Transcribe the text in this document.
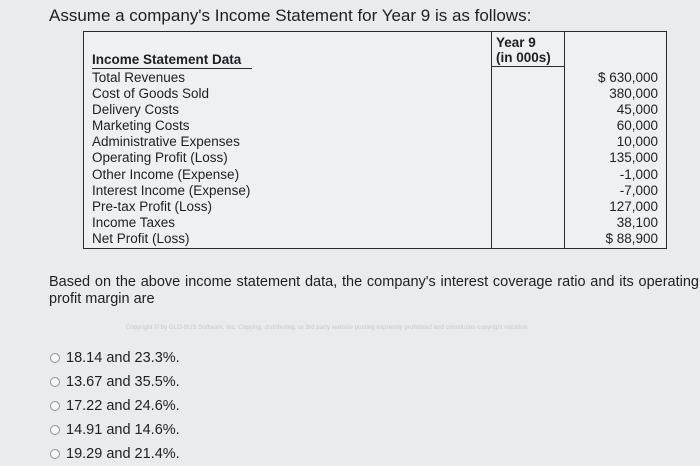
Assume a company's Income Statement for Year 9 is as follows:
Year 9
(in 000s)
Income Statement Data
Total Revenues
Cost of Goods Sold
Delivery Costs
Marketing Costs
Administrative Expenses
Operating Profit (Loss)
Other Income (Expense)
Interest Income (Expense)
Pre-tax Profit (Loss)
Income Taxes
Net Profit (Loss)
$ 630,000
380,000
45,000
60,000
10,000
135,000
-1,000
-7,000
127,000
38,100
$ 88,900
Based on the above income statement data, the company's interest coverage ratio and its operating profit margin are
Copyright © by GLO-BUS Software, Inc. Copying, distributing, or 3rd party website posting expressly prohibited and constitutes copyright violation.
18.14 and 23.3%.
13.67 and 35.5%.
17.22 and 24.6%.
14.91 and 14.6%.
19.29 and 21.4%.
